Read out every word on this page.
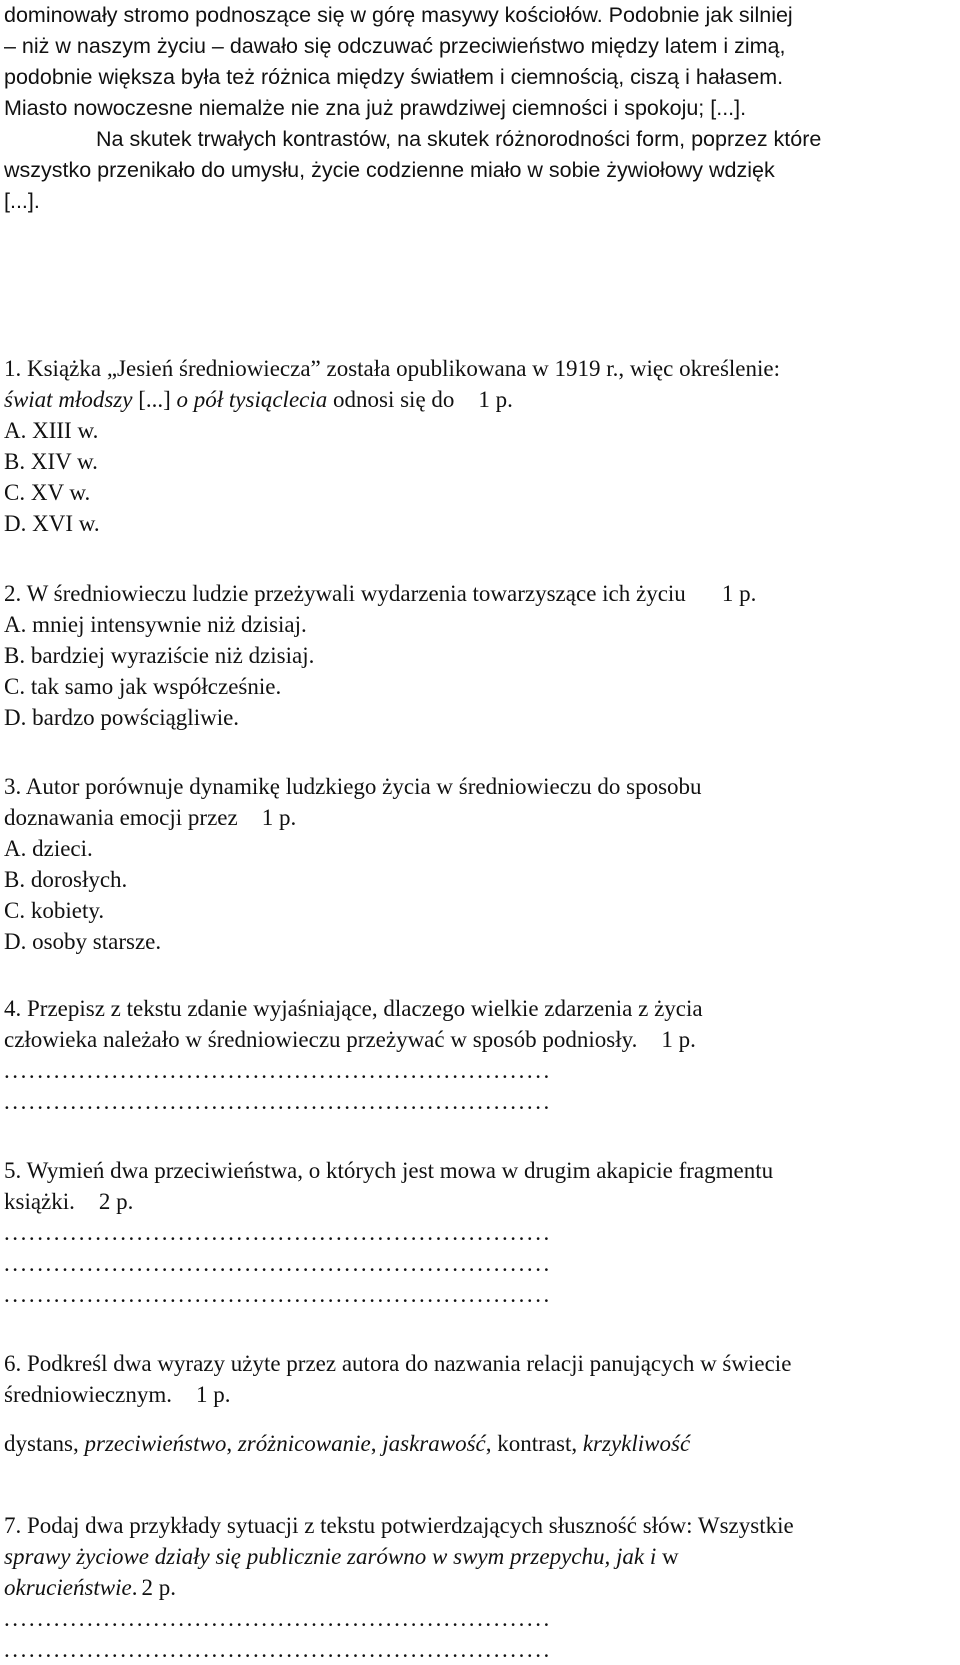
dominowały stromo podnoszące się w górę masywy kościołów. Podobnie jak silniej
– niż w naszym życiu – dawało się odczuwać przeciwieństwo między latem i zimą,
podobnie większa była też różnica między światłem i ciemnością, ciszą i hałasem.
Miasto nowoczesne niemalże nie zna już prawdziwej ciemności i spokoju; [...].
Na skutek trwałych kontrastów, na skutek różnorodności form, poprzez które
wszystko przenikało do umysłu, życie codzienne miało w sobie żywiołowy wdzięk
[...].
1. Książka „Jesień średniowiecza” została opublikowana w 1919 r., więc określenie:
świat młodszy [...] o pół tysiąclecia odnosi się do 1 p.
A. XIII w.
B. XIV w.
C. XV w.
D. XVI w.
2. W średniowieczu ludzie przeżywali wydarzenia towarzyszące ich życiu 1 p.
A. mniej intensywnie niż dzisiaj.
B. bardziej wyraziście niż dzisiaj.
C. tak samo jak współcześnie.
D. bardzo powściągliwie.
3. Autor porównuje dynamikę ludzkiego życia w średniowieczu do sposobu
doznawania emocji przez 1 p.
A. dzieci.
B. dorosłych.
C. kobiety.
D. osoby starsze.
4. Przepisz z tekstu zdanie wyjaśniające, dlaczego wielkie zdarzenia z życia
człowieka należało w średniowieczu przeżywać w sposób podniosły. 1 p.
..................................................................
..................................................................
5. Wymień dwa przeciwieństwa, o których jest mowa w drugim akapicie fragmentu
książki. 2 p.
..................................................................
..................................................................
..................................................................
6. Podkreśl dwa wyrazy użyte przez autora do nazwania relacji panujących w świecie
średniowiecznym. 1 p.
dystans, przeciwieństwo, zróżnicowanie, jaskrawość, kontrast, krzykliwość
7. Podaj dwa przykłady sytuacji z tekstu potwierdzających słuszność słów: Wszystkie
sprawy życiowe działy się publicznie zarówno w swym przepychu, jak i w
okrucieństwie. 2 p.
..................................................................
..................................................................
